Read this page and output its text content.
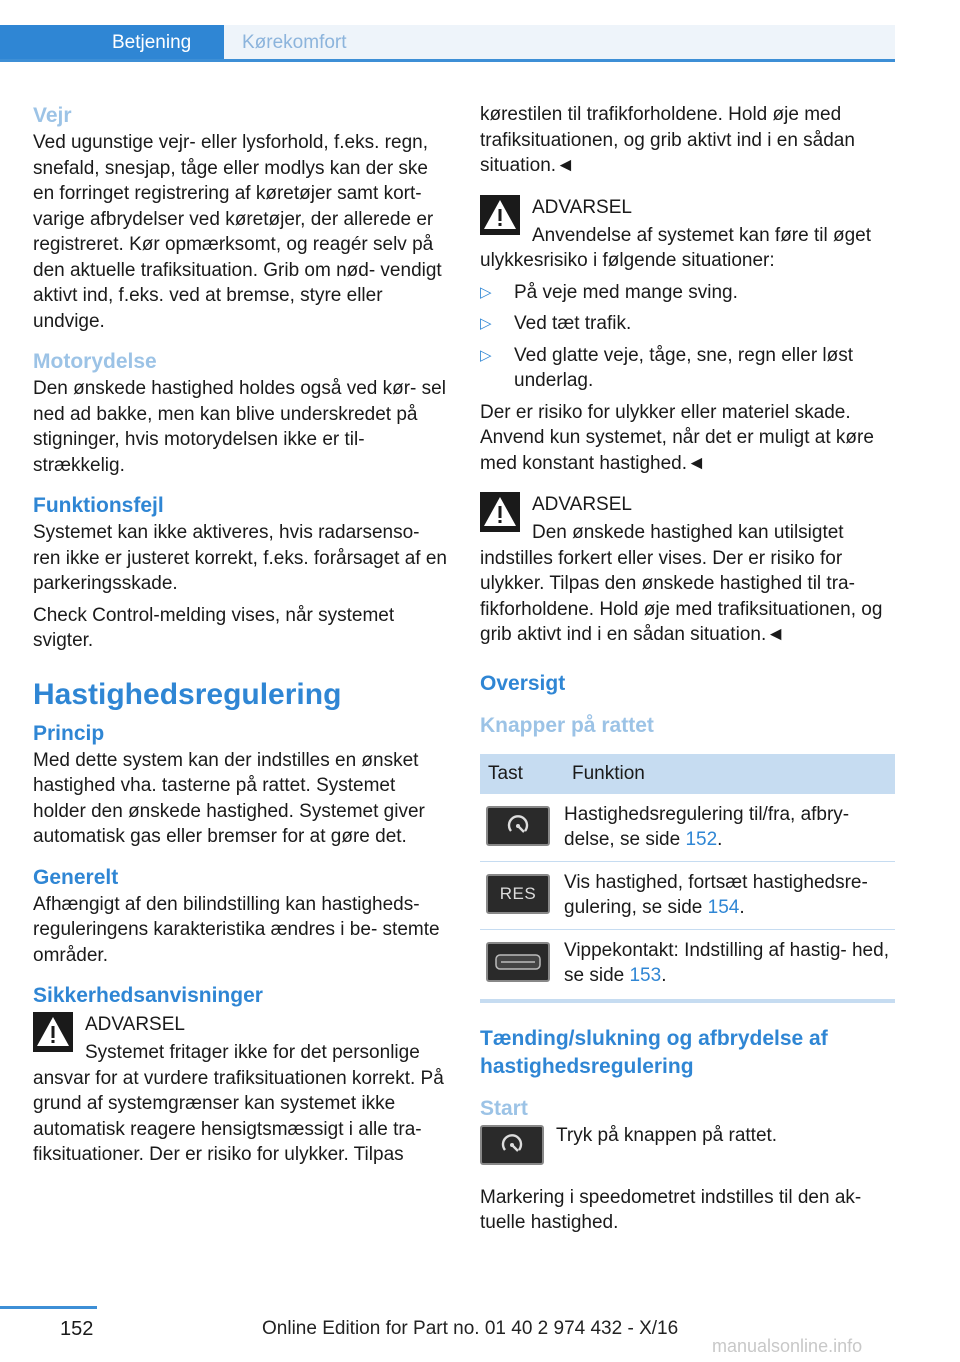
Kørekomfort
Betjening
Vejr

Ved ugunstige vejr- eller lysforhold, f.eks. regn, snefald, snesjap, tåge eller modlys kan der ske en forringet registrering af køretøjer samt kort- varige afbrydelser ved køretøjer, der allerede er registreret. Kør opmærksomt, og reagér selv på den aktuelle trafiksituation. Grib om nød- vendigt aktivt ind, f.eks. ved at bremse, styre eller undvige.

Motorydelse

Den ønskede hastighed holdes også ved kør- sel ned ad bakke, men kan blive underskredet på stigninger, hvis motorydelsen ikke er til- strækkelig.

Funktionsfejl

Systemet kan ikke aktiveres, hvis radarsenso- ren ikke er justeret korrekt, f.eks. forårsaget af en parkeringsskade.

Check Control-melding vises, når systemet svigter.

Hastighedsregulering
Princip

Med dette system kan der indstilles en ønsket hastighed vha. tasterne på rattet. Systemet holder den ønskede hastighed. Systemet giver automatisk gas eller bremser for at gøre det.

Generelt

Afhængigt af den bilindstilling kan hastigheds- reguleringens karakteristika ændres i be- stemte områder.

Sikkerhedsanvisninger
ADVARSEL

Systemet fritager ikke for det personlige

ansvar for at vurdere trafiksituationen korrekt. På grund af systemgrænser kan systemet ikke automatisk reagere hensigtsmæssigt i alle tra- fiksituationer. Der er risiko for ulykker. Tilpas

kørestilen til trafikforholdene. Hold øje med trafiksituationen, og grib aktivt ind i en sådan situation.◄

ADVARSEL

Anvendelse af systemet kan føre til øget

ulykkesrisiko i følgende situationer:

▷ På veje med mange sving.
▷ Ved tæt trafik.
▷ Ved glatte veje, tåge, sne, regn eller løst underlag.

Der er risiko for ulykker eller materiel skade. Anvend kun systemet, når det er muligt at køre med konstant hastighed.◄

ADVARSEL

Den ønskede hastighed kan utilsigtet

indstilles forkert eller vises. Der er risiko for ulykker. Tilpas den ønskede hastighed til tra- fikforholdene. Hold øje med trafiksituationen, og grib aktivt ind i en sådan situation.◄

Oversigt
Knapper på rattet
Tast	Funktion

	Hastighedsregulering til/fra, afbry- delse, se side 152.

RES	Vis hastighed, fortsæt hastighedsre- gulering, se side 154.

	Vippekontakt: Indstilling af hastig- hed, se side 153.
Tænding/slukning og afbrydelse af hastighedsregulering
Start

Tryk på knappen på rattet.

Markering i speedometret indstilles til den ak- tuelle hastighed.

152	Online Edition for Part no. 01 40 2 974 432 - X/16
manualsonline.info
